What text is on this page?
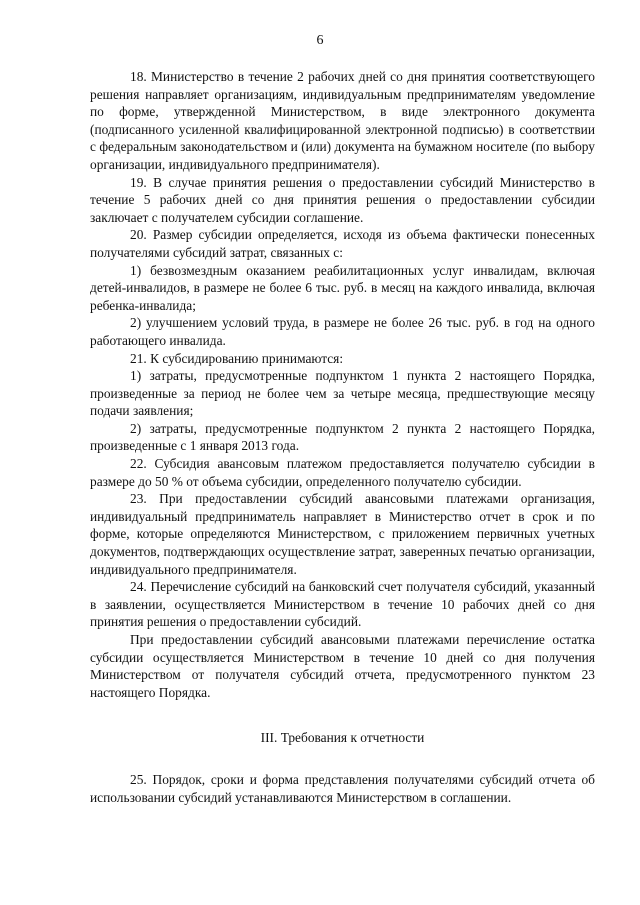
6

18. Министерство в течение 2 рабочих дней со дня принятия соответствующего решения направляет организациям, индивидуальным предпринимателям уведомление по форме, утвержденной Министерством, в виде электронного документа (подписанного усиленной квалифицированной электронной подписью) в соответствии с федеральным законодательством и (или) документа на бумажном носителе (по выбору организации, индивидуального предпринимателя).

19. В случае принятия решения о предоставлении субсидий Министерство в течение 5 рабочих дней со дня принятия решения о предоставлении субсидии заключает с получателем субсидии соглашение.

20. Размер субсидии определяется, исходя из объема фактически понесенных получателями субсидий затрат, связанных с:

1) безвозмездным оказанием реабилитационных услуг инвалидам, включая детей-инвалидов, в размере не более 6 тыс. руб. в месяц на каждого инвалида, включая ребенка-инвалида;

2) улучшением условий труда, в размере не более 26 тыс. руб. в год на одного работающего инвалида.

21. К субсидированию принимаются:

1) затраты, предусмотренные подпунктом 1 пункта 2 настоящего Порядка, произведенные за период не более чем за четыре месяца, предшествующие месяцу подачи заявления;

2) затраты, предусмотренные подпунктом 2 пункта 2 настоящего Порядка, произведенные с 1 января 2013 года.

22. Субсидия авансовым платежом предоставляется получателю субсидии в размере до 50 % от объема субсидии, определенного получателю субсидии.

23. При предоставлении субсидий авансовыми платежами организация, индивидуальный предприниматель направляет в Министерство отчет в срок и по форме, которые определяются Министерством, с приложением первичных учетных документов, подтверждающих осуществление затрат, заверенных печатью организации, индивидуального предпринимателя.

24. Перечисление субсидий на банковский счет получателя субсидий, указанный в заявлении, осуществляется Министерством в течение 10 рабочих дней со дня принятия решения о предоставлении субсидий.

При предоставлении субсидий авансовыми платежами перечисление остатка субсидии осуществляется Министерством в течение 10 дней со дня получения Министерством от получателя субсидий отчета, предусмотренного пунктом 23 настоящего Порядка.

III. Требования к отчетности

25. Порядок, сроки и форма представления получателями субсидий отчета об использовании субсидий устанавливаются Министерством в соглашении.
